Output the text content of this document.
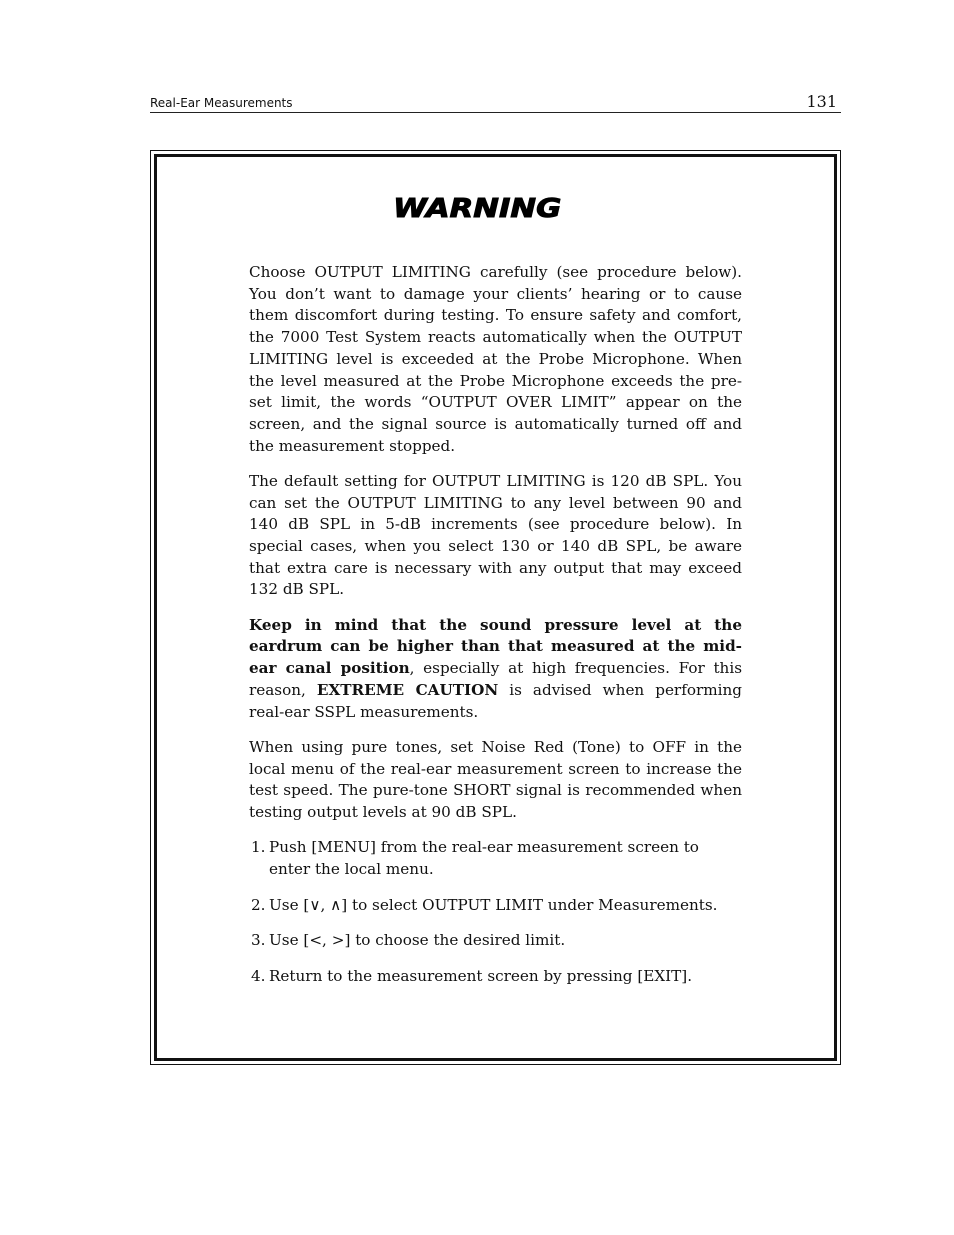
Real-Ear Measurements	131
WARNING

Choose OUTPUT LIMITING carefully (see procedure below). You don’t want to damage your clients’ hearing or to cause them discomfort during testing. To ensure safety and comfort, the 7000 Test System reacts automatically when the OUTPUT LIMITING level is exceeded at the Probe Microphone. When the level measured at the Probe Microphone exceeds the pre-set limit, the words “OUTPUT OVER LIMIT” appear on the screen, and the signal source is automatically turned off and the measurement stopped.

The default setting for OUTPUT LIMITING is 120 dB SPL. You can set the OUTPUT LIMITING to any level between 90 and 140 dB SPL in 5-dB increments (see procedure below). In special cases, when you select 130 or 140 dB SPL, be aware that extra care is necessary with any output that may exceed 132 dB SPL.

Keep in mind that the sound pressure level at the eardrum can be higher than that measured at the mid-ear canal position, especially at high frequencies. For this reason, EXTREME CAUTION is advised when performing real-ear SSPL measurements.

When using pure tones, set Noise Red (Tone) to OFF in the local menu of the real-ear measurement screen to increase the test speed. The pure-tone SHORT signal is recommended when testing output levels at 90 dB SPL.

1. Push [MENU] from the real-ear measurement screen to enter the local menu.
2. Use [∨, ∧] to select OUTPUT LIMIT under Measurements.
3. Use [<, >] to choose the desired limit.
4. Return to the measurement screen by pressing [EXIT].
